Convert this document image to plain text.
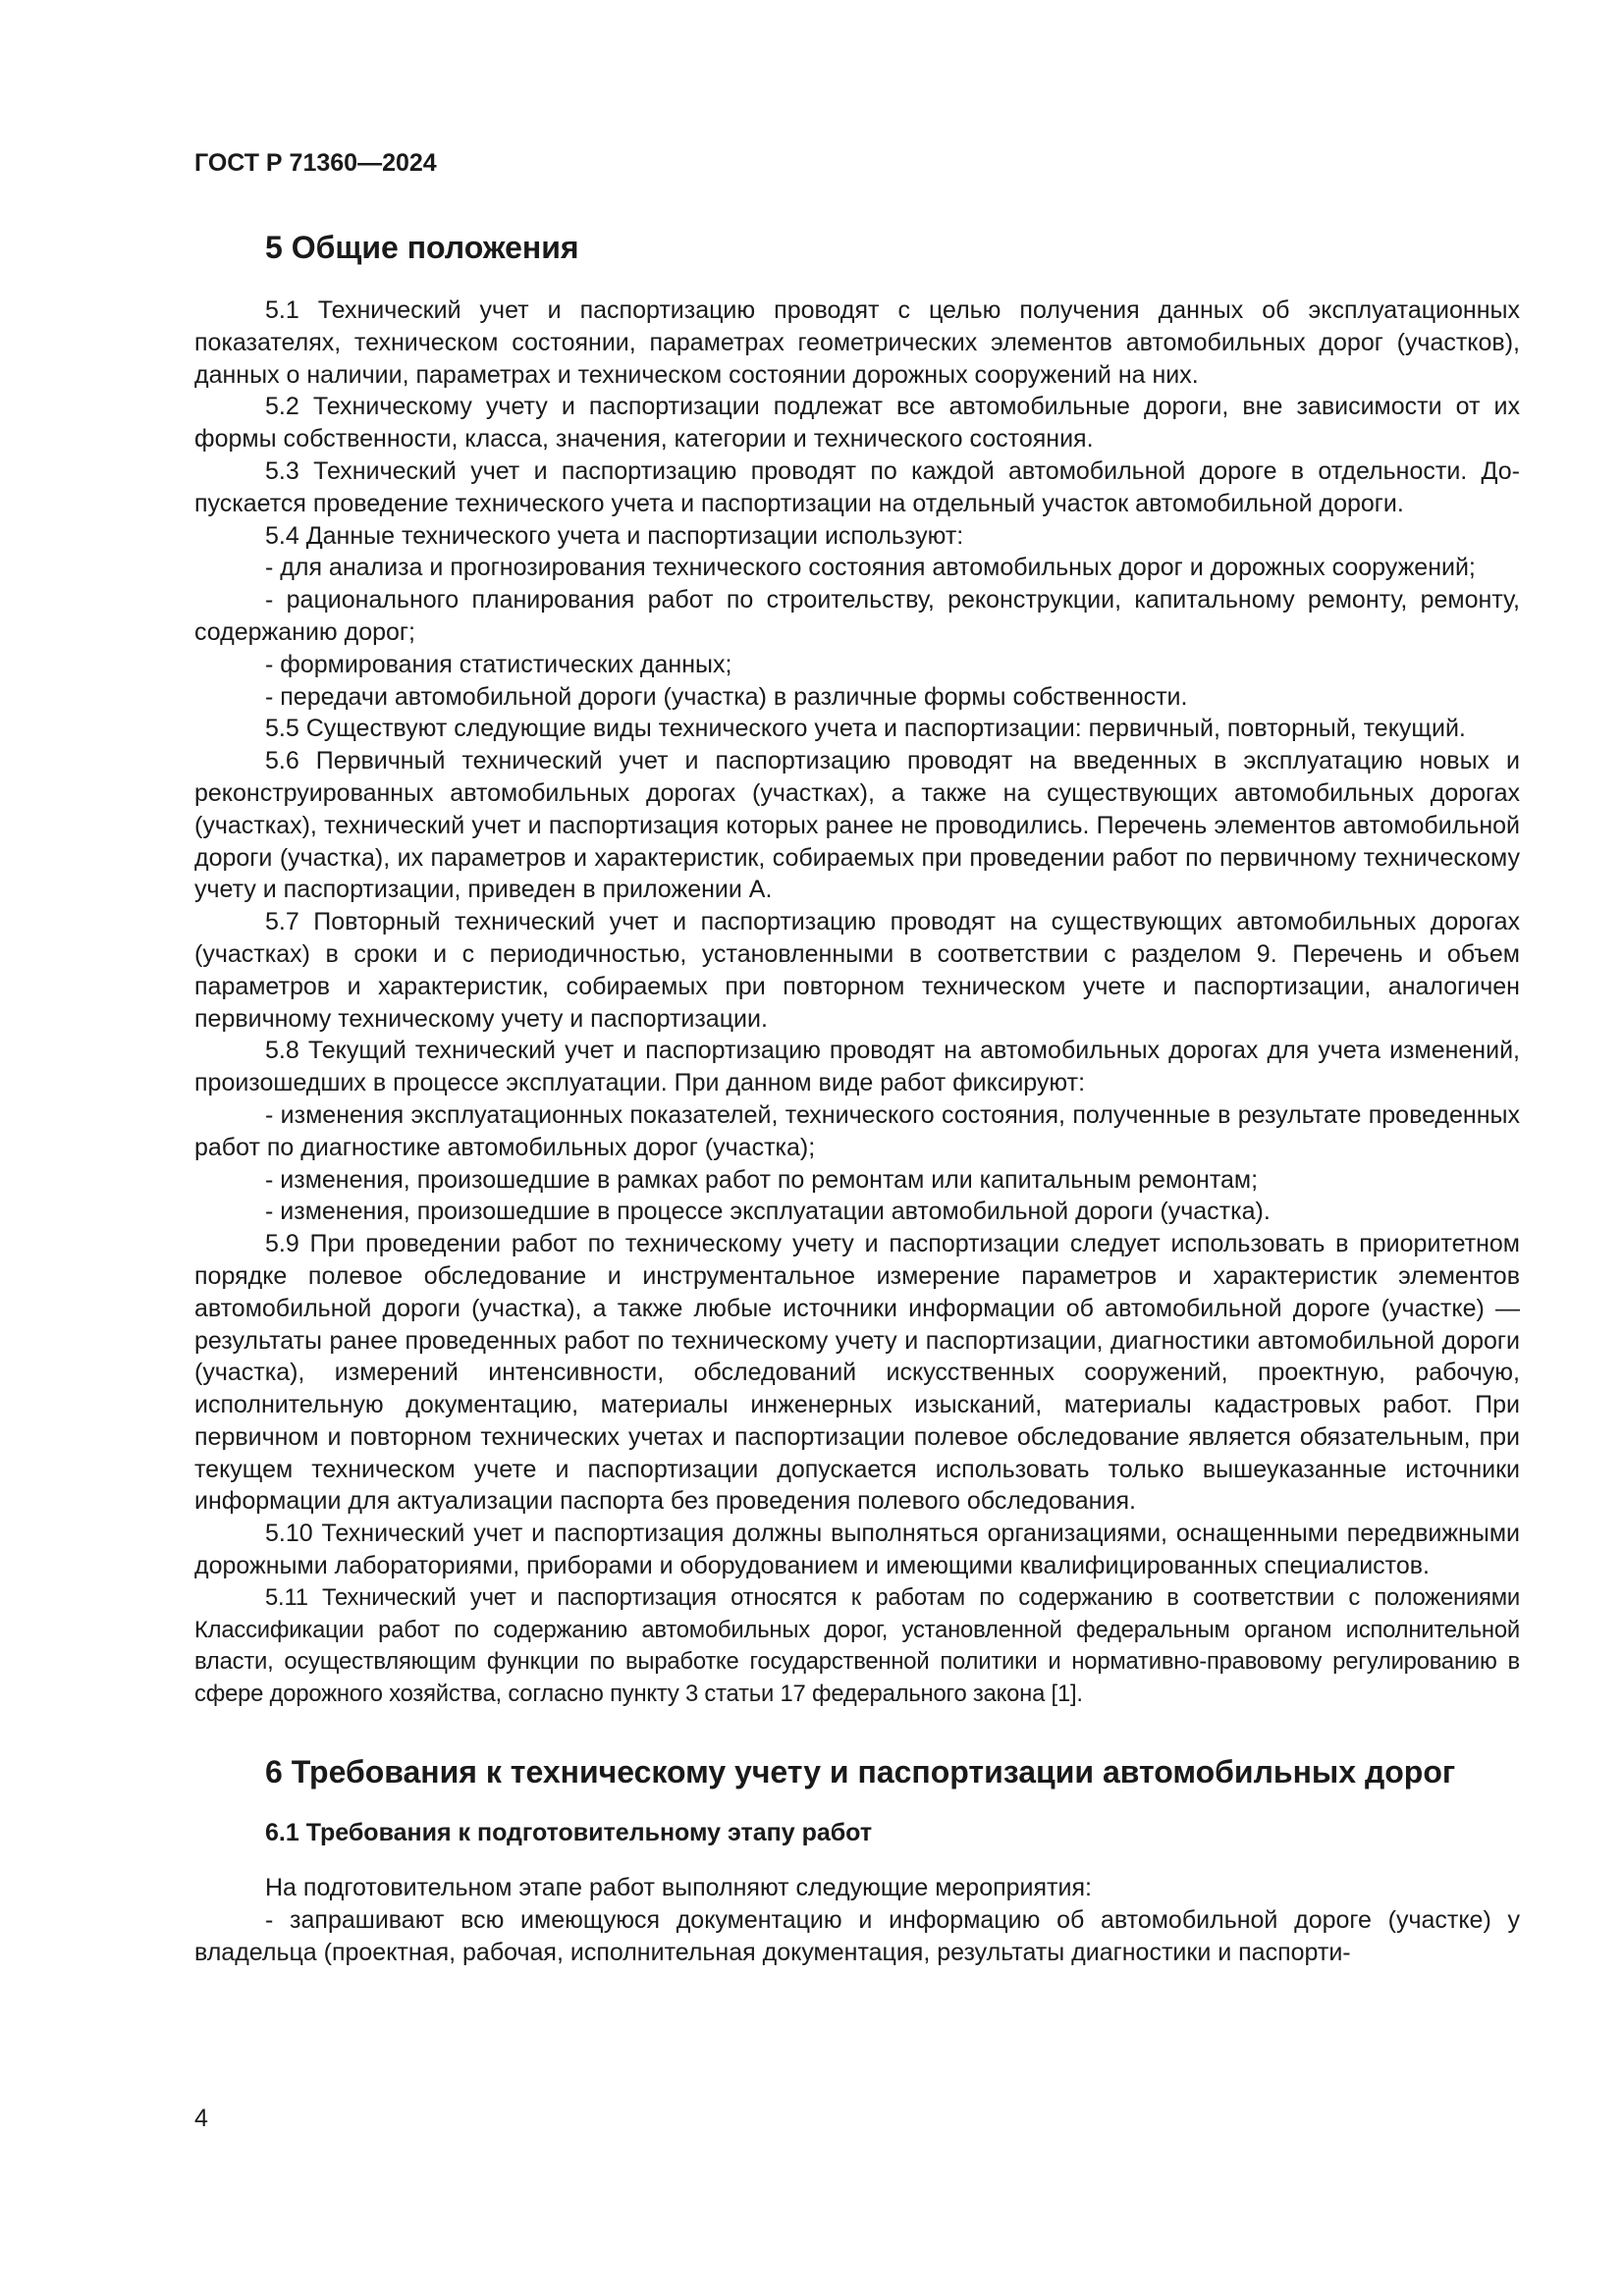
ГОСТ Р 71360—2024
5 Общие положения

5.1 Технический учет и паспортизацию проводят с целью получения данных об эксплуатационных показателях, техническом состоянии, параметрах геометрических элементов автомобильных дорог (участков), данных о наличии, параметрах и техническом состоянии дорожных сооружений на них.

5.2 Техническому учету и паспортизации подлежат все автомобильные дороги, вне зависимости от их формы собственности, класса, значения, категории и технического состояния.

5.3 Технический учет и паспортизацию проводят по каждой автомобильной дороге в отдельности. Допускается проведение технического учета и паспортизации на отдельный участок автомобильной дороги.

5.4 Данные технического учета и паспортизации используют:

- для анализа и прогнозирования технического состояния автомобильных дорог и дорожных сооружений;

- рационального планирования работ по строительству, реконструкции, капитальному ремонту, ремонту, содержанию дорог;

- формирования статистических данных;

- передачи автомобильной дороги (участка) в различные формы собственности.

5.5 Существуют следующие виды технического учета и паспортизации: первичный, повторный, текущий.

5.6 Первичный технический учет и паспортизацию проводят на введенных в эксплуатацию новых и реконструированных автомобильных дорогах (участках), а также на существующих автомобильных дорогах (участках), технический учет и паспортизация которых ранее не проводились. Перечень элементов автомобильной дороги (участка), их параметров и характеристик, собираемых при проведении работ по первичному техническому учету и паспортизации, приведен в приложении А.

5.7 Повторный технический учет и паспортизацию проводят на существующих автомобильных дорогах (участках) в сроки и с периодичностью, установленными в соответствии с разделом 9. Перечень и объем параметров и характеристик, собираемых при повторном техническом учете и паспортизации, аналогичен первичному техническому учету и паспортизации.

5.8 Текущий технический учет и паспортизацию проводят на автомобильных дорогах для учета изменений, произошедших в процессе эксплуатации. При данном виде работ фиксируют:

- изменения эксплуатационных показателей, технического состояния, полученные в результате проведенных работ по диагностике автомобильных дорог (участка);

- изменения, произошедшие в рамках работ по ремонтам или капитальным ремонтам;

- изменения, произошедшие в процессе эксплуатации автомобильной дороги (участка).

5.9 При проведении работ по техническому учету и паспортизации следует использовать в приоритетном порядке полевое обследование и инструментальное измерение параметров и характеристик элементов автомобильной дороги (участка), а также любые источники информации об автомобильной дороге (участке) — результаты ранее проведенных работ по техническому учету и паспортизации, диагностики автомобильной дороги (участка), измерений интенсивности, обследований искусственных сооружений, проектную, рабочую, исполнительную документацию, материалы инженерных изысканий, материалы кадастровых работ. При первичном и повторном технических учетах и паспортизации полевое обследование является обязательным, при текущем техническом учете и паспортизации допускается использовать только вышеуказанные источники информации для актуализации паспорта без проведения полевого обследования.

5.10 Технический учет и паспортизация должны выполняться организациями, оснащенными передвижными дорожными лабораториями, приборами и оборудованием и имеющими квалифицированных специалистов.

5.11 Технический учет и паспортизация относятся к работам по содержанию в соответствии с положениями Классификации работ по содержанию автомобильных дорог, установленной федеральным органом исполнительной власти, осуществляющим функции по выработке государственной политики и нормативно-правовому регулированию в сфере дорожного хозяйства, согласно пункту 3 статьи 17 федерального закона [1].

6 Требования к техническому учету и паспортизации автомобильных дорог
6.1 Требования к подготовительному этапу работ

На подготовительном этапе работ выполняют следующие мероприятия:

- запрашивают всю имеющуюся документацию и информацию об автомобильной дороге (участке) у владельца (проектная, рабочая, исполнительная документация, результаты диагностики и паспорти-

4
